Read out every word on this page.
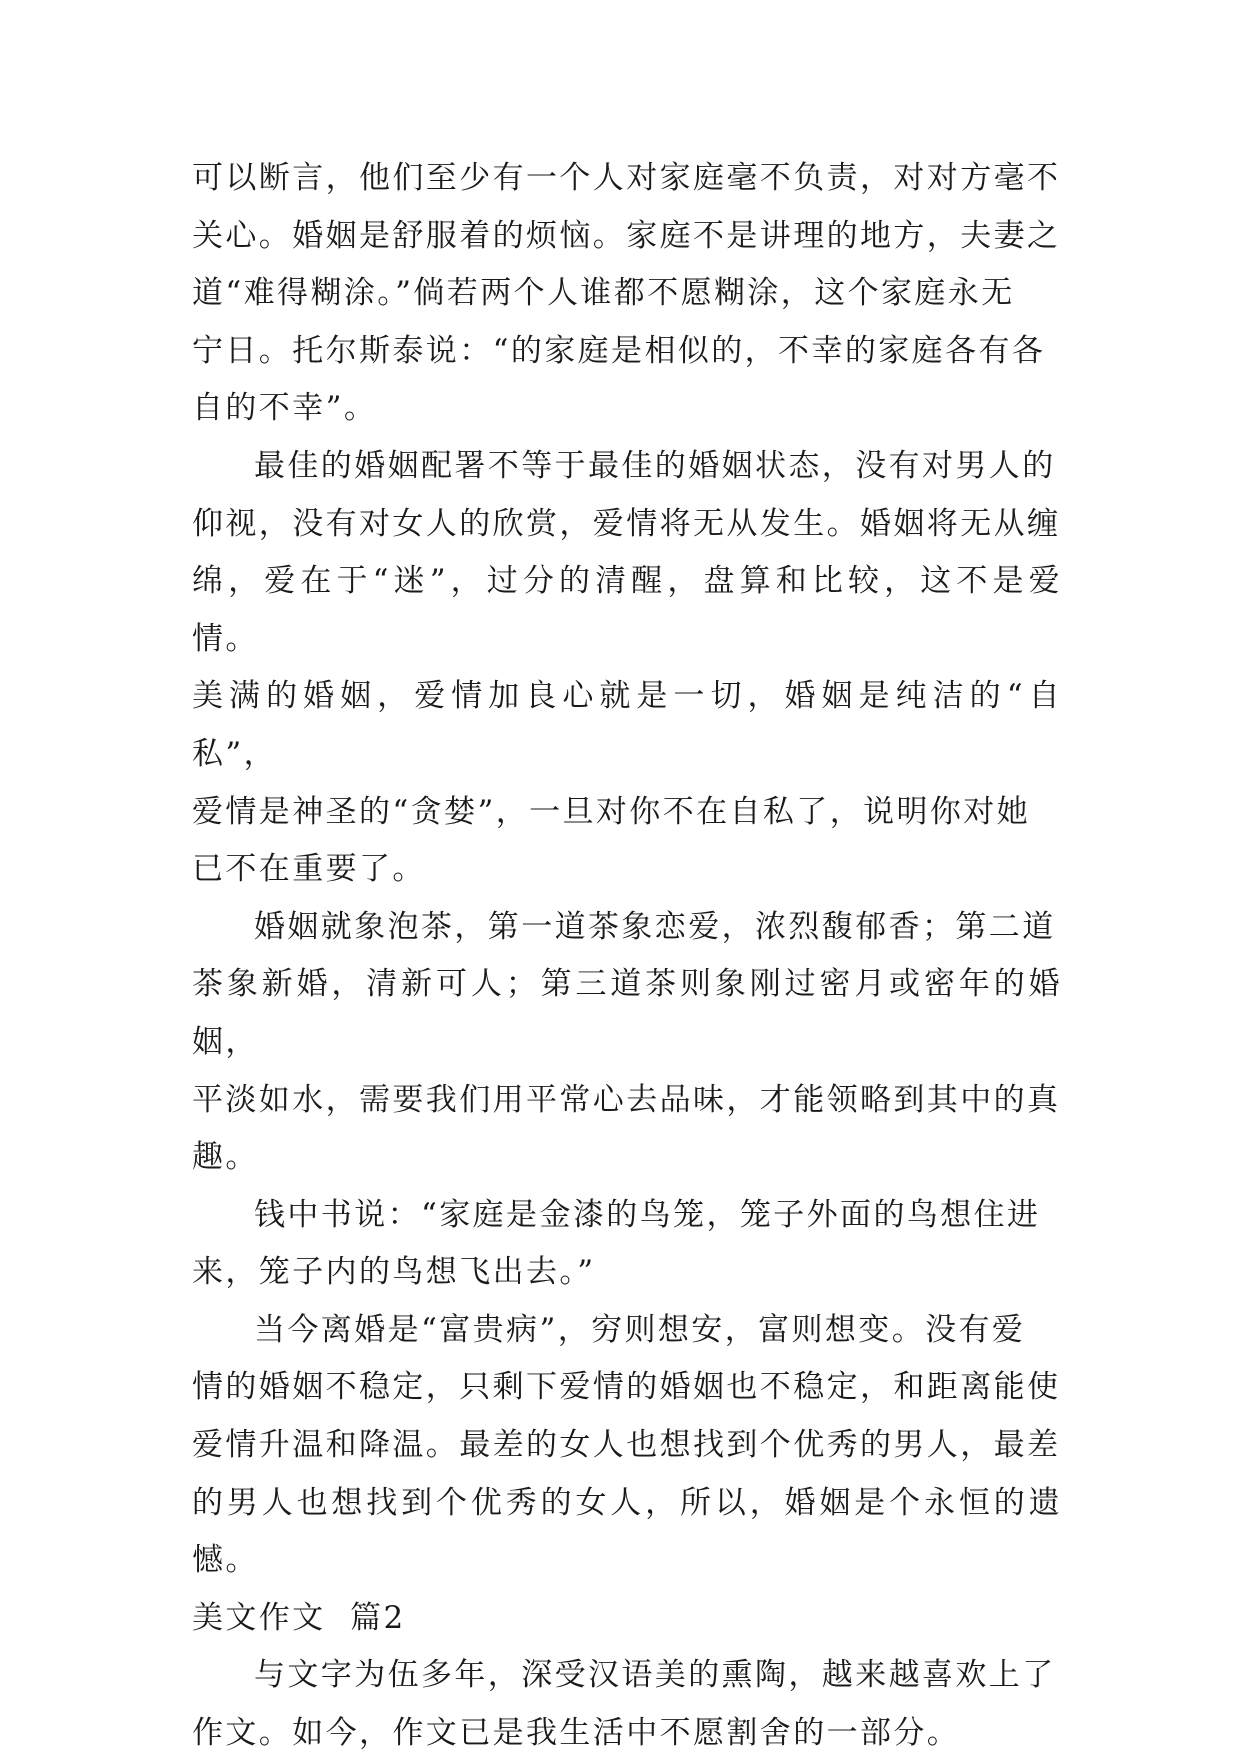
可以断言，他们至少有一个人对家庭毫不负责，对对方毫不
关心。婚姻是舒服着的烦恼。家庭不是讲理的地方，夫妻之
道“难得糊涂。”倘若两个人谁都不愿糊涂，这个家庭永无
宁日。托尔斯泰说：“的家庭是相似的，不幸的家庭各有各
自的不幸”。

最佳的婚姻配署不等于最佳的婚姻状态，没有对男人的
仰视，没有对女人的欣赏，爱情将无从发生。婚姻将无从缠
绵，爱在于“迷”，过分的清醒，盘算和比较，这不是爱情。
美满的婚姻，爱情加良心就是一切，婚姻是纯洁的“自私”，
爱情是神圣的“贪婪”，一旦对你不在自私了，说明你对她
已不在重要了。

婚姻就象泡茶，第一道茶象恋爱，浓烈馥郁香；第二道
茶象新婚，清新可人；第三道茶则象刚过密月或密年的婚姻，
平淡如水，需要我们用平常心去品味，才能领略到其中的真
趣。

钱中书说：“家庭是金漆的鸟笼，笼子外面的鸟想住进
来，笼子内的鸟想飞出去。”

当今离婚是“富贵病”，穷则想安，富则想变。没有爱
情的婚姻不稳定，只剩下爱情的婚姻也不稳定，和距离能使
爱情升温和降温。最差的女人也想找到个优秀的男人，最差
的男人也想找到个优秀的女人，所以，婚姻是个永恒的遗憾。

美文作文  篇2

与文字为伍多年，深受汉语美的熏陶，越来越喜欢上了
作文。如今，作文已是我生活中不愿割舍的一部分。
